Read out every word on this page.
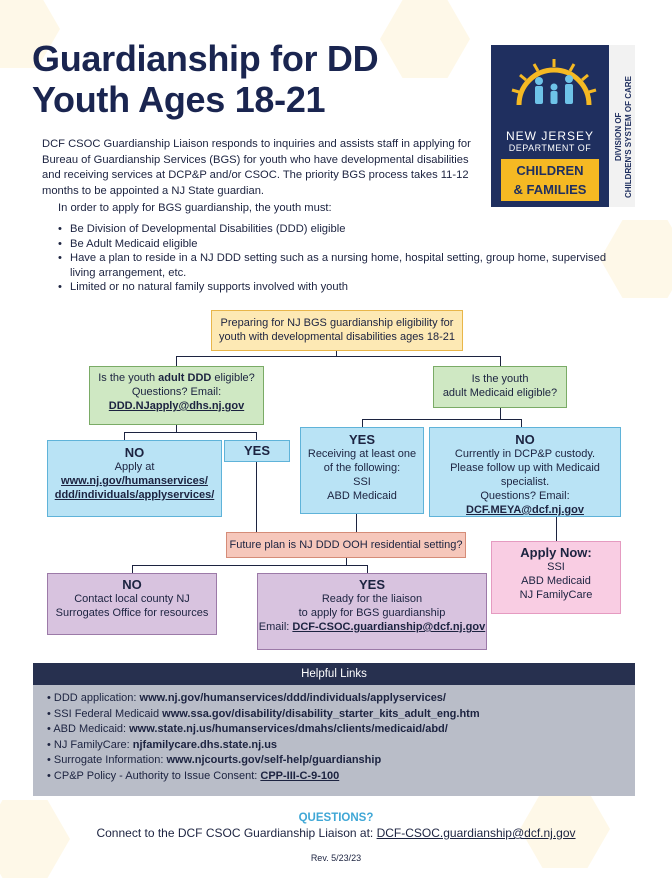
Guardianship for DD
Youth Ages 18-21
NEW JERSEY
DEPARTMENT OF
CHILDREN
& FAMILIES
DIVISION OF
CHILDREN'S SYSTEM OF CARE
DCF CSOC Guardianship Liaison responds to inquiries and assists staff in applying for Bureau of Guardianship Services (BGS) for youth who have developmental disabilities and receiving services at DCP&P and/or CSOC. The priority BGS process takes 11-12 months to be appointed a NJ State guardian.
In order to apply for BGS guardianship, the youth must:
• Be Division of Developmental Disabilities (DDD) eligible
• Be Adult Medicaid eligible
• Have a plan to reside in a NJ DDD setting such as a nursing home, hospital setting, group home, supervised living arrangement, etc.
• Limited or no natural family supports involved with youth
Preparing for NJ BGS guardianship eligibility for
youth with developmental disabilities ages 18-21
Is the youth adult DDD eligible?
Questions? Email:
DDD.NJapply@dhs.nj.gov
Is the youth
adult Medicaid eligible?
NO
Apply at
www.nj.gov/humanservices/
ddd/individuals/applyservices/
YES
YES
Receiving at least one
of the following:
SSI
ABD Medicaid
NO
Currently in DCP&P custody.
Please follow up with Medicaid specialist.
Questions? Email:
DCF.MEYA@dcf.nj.gov
Future plan is NJ DDD OOH residential setting?	Apply Now:
SSI
ABD Medicaid
NJ FamilyCare
NO
Contact local county NJ
Surrogates Office for resources
YES
Ready for the liaison
to apply for BGS guardianship
Email: DCF-CSOC.guardianship@dcf.nj.gov
Helpful Links
• DDD application: www.nj.gov/humanservices/ddd/individuals/applyservices/
• SSI Federal Medicaid www.ssa.gov/disability/disability_starter_kits_adult_eng.htm
• ABD Medicaid: www.state.nj.us/humanservices/dmahs/clients/medicaid/abd/
• NJ FamilyCare: njfamilycare.dhs.state.nj.us
• Surrogate Information: www.njcourts.gov/self-help/guardianship
• CP&P Policy - Authority to Issue Consent: CPP-III-C-9-100
QUESTIONS?
Connect to the DCF CSOC Guardianship Liaison at: DCF-CSOC.guardianship@dcf.nj.gov
Rev. 5/23/23
